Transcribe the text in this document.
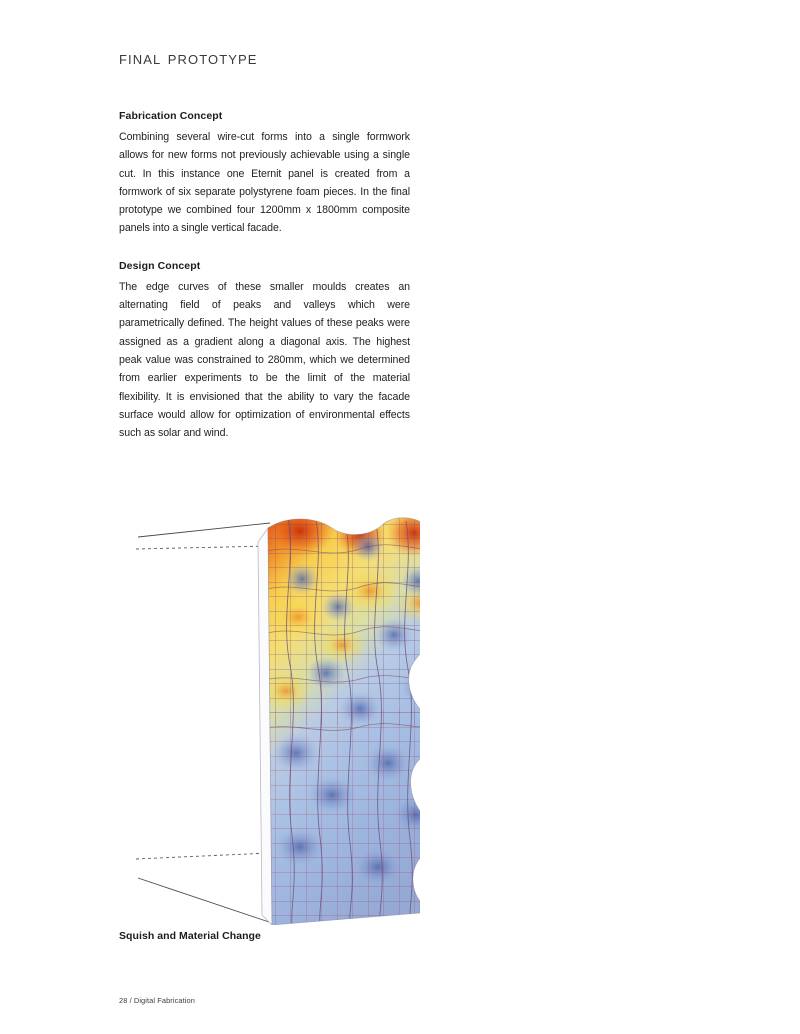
final prototype

Fabrication Concept

Combining several wire-cut forms into a single formwork allows for new forms not previously achievable using a single cut. In this instance one Eternit panel is created from a formwork of six separate polystyrene foam pieces. In the final prototype we combined four 1200mm x 1800mm composite panels into a single vertical facade.

Design Concept

The edge curves of these smaller moulds creates an alternating field of peaks and valleys which were parametrically defined. The height values of these peaks were assigned as a gradient along a diagonal axis. The highest peak value was constrained to 280mm, which we determined from earlier experiments to be the limit of the material flexibility. It is envisioned that the ability to vary the facade surface would allow for optimization of environmental effects such as solar and wind.

Squish and Material Change
28 / Digital Fabrication
